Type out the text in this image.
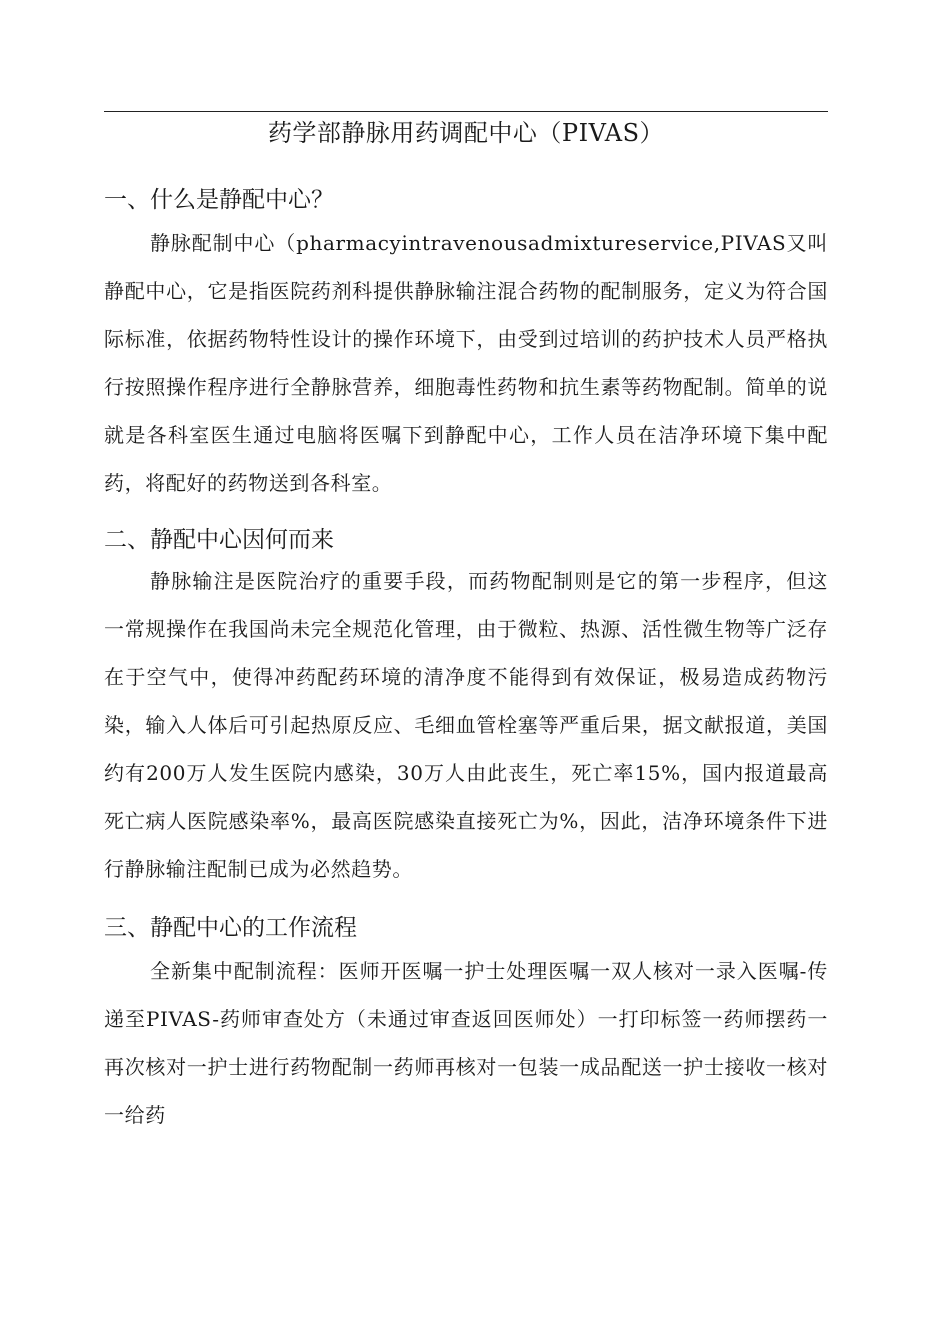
药学部静脉用药调配中心（PIVAS）
一、什么是静配中心？

静脉配制中心（pharmacyintravenousadmixtureservice,PIVAS又叫静配中心，它是指医院药剂科提供静脉输注混合药物的配制服务，定义为符合国际标准，依据药物特性设计的操作环境下，由受到过培训的药护技术人员严格执行按照操作程序进行全静脉营养，细胞毒性药物和抗生素等药物配制。简单的说就是各科室医生通过电脑将医嘱下到静配中心，工作人员在洁净环境下集中配药，将配好的药物送到各科室。

二、静配中心因何而来

静脉输注是医院治疗的重要手段，而药物配制则是它的第一步程序，但这一常规操作在我国尚未完全规范化管理，由于微粒、热源、活性微生物等广泛存在于空气中，使得冲药配药环境的清净度不能得到有效保证，极易造成药物污染，输入人体后可引起热原反应、毛细血管栓塞等严重后果，据文献报道，美国约有200万人发生医院内感染，30万人由此丧生，死亡率15%，国内报道最高死亡病人医院感染率%，最高医院感染直接死亡为%，因此，洁净环境条件下进行静脉输注配制已成为必然趋势。

三、静配中心的工作流程

全新集中配制流程：医师开医嘱一护士处理医嘱一双人核对一录入医嘱-传递至PIVAS-药师审查处方（未通过审查返回医师处）一打印标签一药师摆药一再次核对一护士进行药物配制一药师再核对一包装一成品配送一护士接收一核对一给药
